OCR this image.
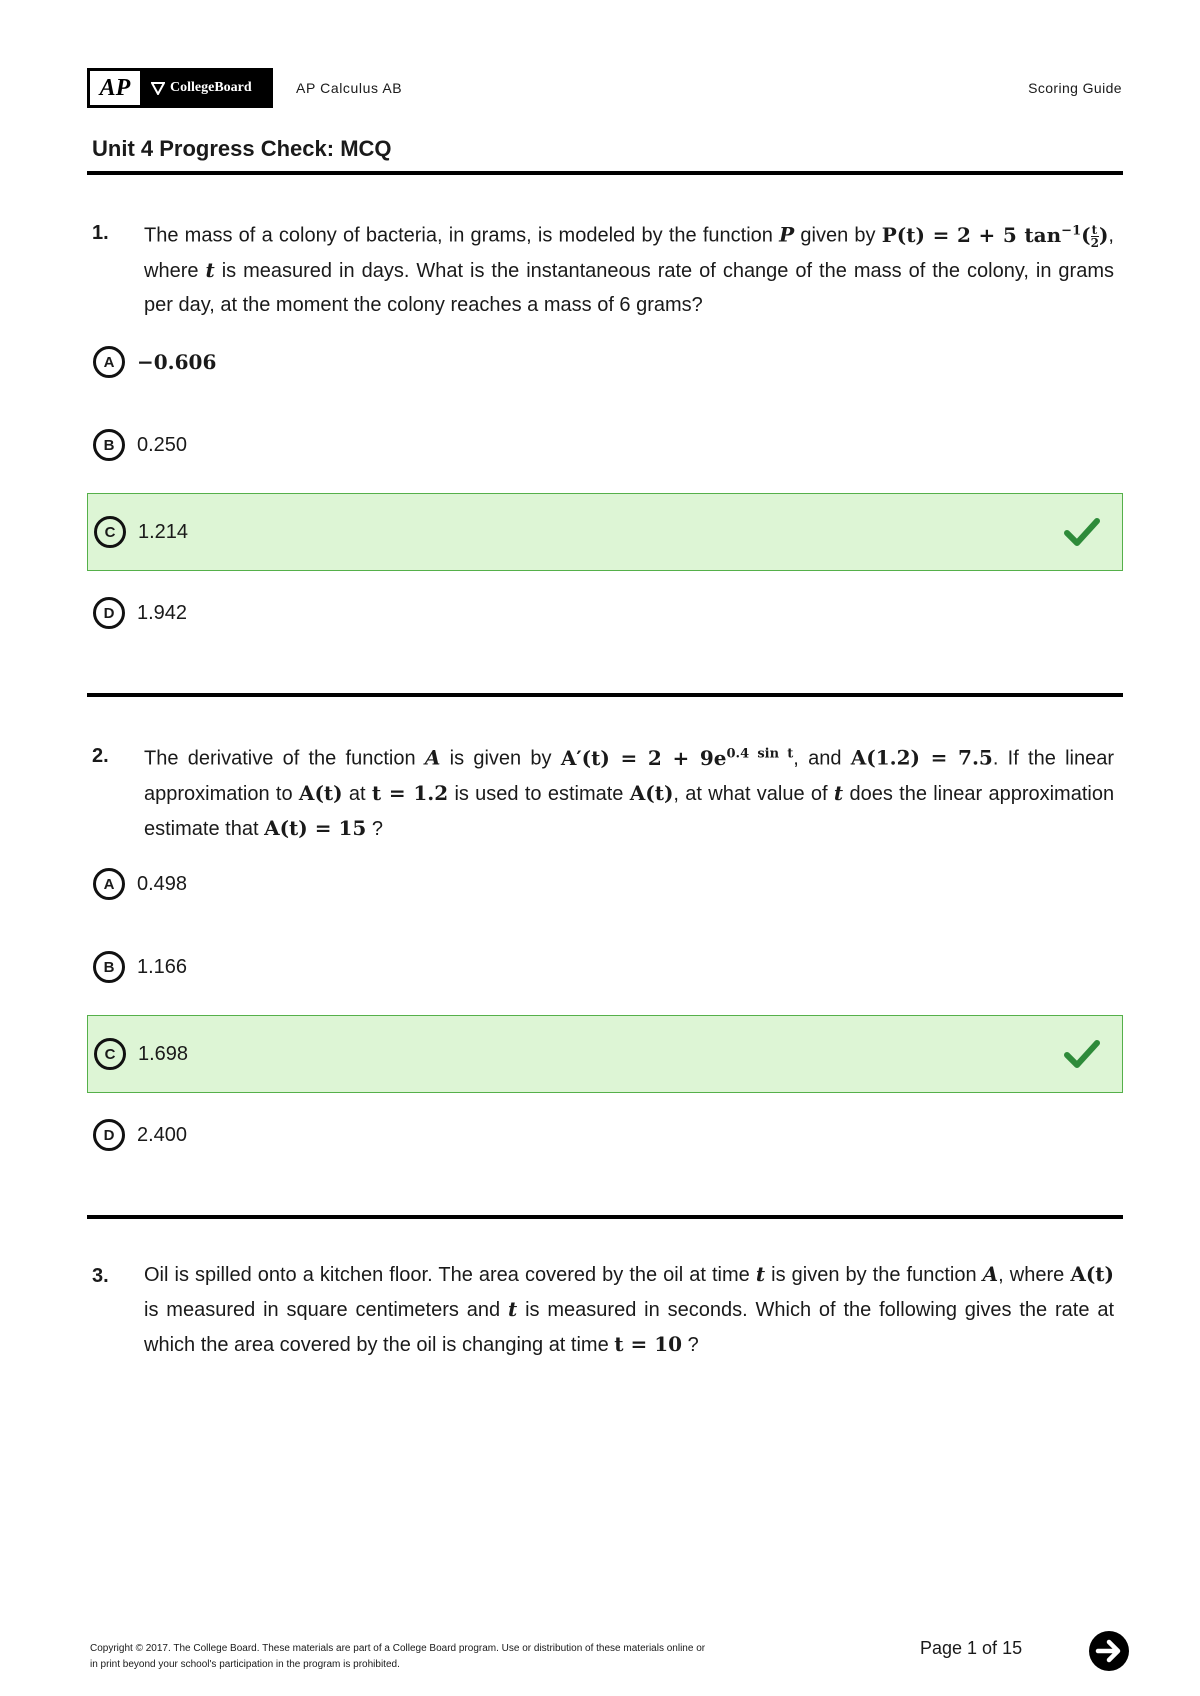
AP	CollegeBoard	AP Calculus AB	Scoring Guide
Unit 4 Progress Check: MCQ
1. The mass of a colony of bacteria, in grams, is modeled by the function P given by P(t) = 2 + 5 $\tan^{-1}( \frac{t}{2}$ ), where t is measured in days. What is the instantaneous rate of change of the mass of the colony, in grams per day, at the moment the colony reaches a mass of 6 grams?
A	−0.606
B	0.250
C	1.214
D	1.942
2. The derivative of the function A is given by $A'(t) = 2 + 9e^{0.4 sin t}$, and A(1.2) = 7.5. If the linear approximation to A(t) at t = 1.2 is used to estimate A(t), at what value of t does the linear approximation estimate that A(t) = 15 ?
A	0.498
B	1.166
C	1.698
D	2.400
3. Oil is spilled onto a kitchen floor. The area covered by the oil at time t is given by the function A, where A(t) is measured in square centimeters and t is measured in seconds. Which of the following gives the rate at which the area covered by the oil is changing at time t = 10 ?
Copyright © 2017. The College Board. These materials are part of a College Board program. Use or distribution of these materials online or
in print beyond your school's participation in the program is prohibited.
Page 1 of 15
